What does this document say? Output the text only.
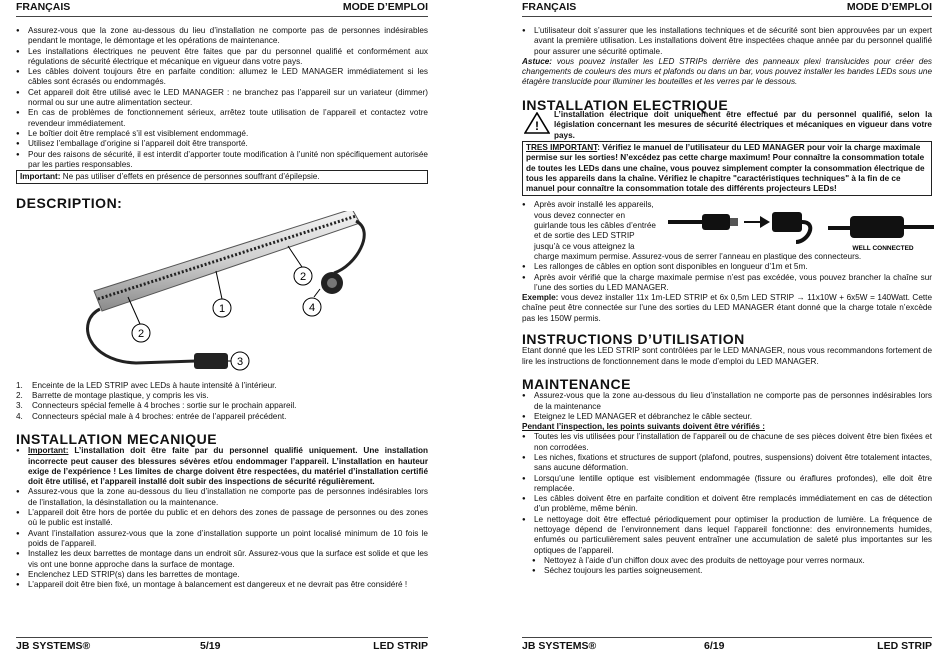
FRANÇAIS	MODE D’EMPLOI
● Assurez-vous que la zone au-dessous du lieu d’installation ne comporte pas de personnes indésirables pendant le montage, le démontage et les opérations de maintenance.
● Les installations électriques ne peuvent être faites que par du personnel qualifié et conformément aux régulations de sécurité électrique et mécanique en vigueur dans votre pays.
● Les câbles doivent toujours être en parfaite condition: allumez le LED MANAGER immédiatement si les câbles sont écrasés ou endommagés.
● Cet appareil doit être utilisé avec le LED MANAGER : ne branchez pas l’appareil sur un variateur (dimmer) normal ou sur une autre alimentation secteur.
● En cas de problèmes de fonctionnement sérieux, arrêtez toute utilisation de l’appareil et contactez votre revendeur immédiatement.
● Le boîtier doit être remplacé s’il est visiblement endommagé.
● Utilisez l’emballage d’origine si l’appareil doit être transporté.
● Pour des raisons de sécurité, il est interdit d’apporter toute modification à l’unité non spécifiquement autorisée par les parties responsables.
Important: Ne pas utiliser d’effets en présence de personnes souffrant d’épilepsie.
DESCRIPTION:
1
2
2
3
4
1. Enceinte de la LED STRIP avec LEDs à haute intensité à l’intérieur.
2. Barrette de montage plastique, y compris les vis.
3. Connecteurs spécial femelle à 4 broches : sortie sur le prochain appareil.
4. Connecteurs spécial male à 4 broches: entrée de l’appareil précédent.
INSTALLATION MECANIQUE
● Important: L’installation doit être faite par du personnel qualifié uniquement. Une installation incorrecte peut causer des blessures sévères et/ou endommager l’appareil. L’installation en hauteur exige de l’expérience ! Les limites de charge doivent être respectées, du matériel d’installation certifié doit être utilisé, et l’appareil installé doit subir des inspections de sécurité régulièrement.
● Assurez-vous que la zone au-dessous du lieu d’installation ne comporte pas de personnes indésirables lors de l’installation, la désinstallation ou la maintenance.
● L’appareil doit être hors de portée du public et en dehors des zones de passage de personnes ou des zones où le public est installé.
● Avant l’installation assurez-vous que la zone d’installation supporte un point localisé minimum de 10 fois le poids de l’appareil.
● Installez les deux barrettes de montage dans un endroit sûr. Assurez-vous que la surface est solide et que les vis ont une bonne approche dans la surface de montage.
● Enclenchez LED STRIP(s) dans les barrettes de montage.
● L’appareil doit être bien fixé, un montage à balancement est dangereux et ne devrait pas être considéré !
JB SYSTEMS®	5/19	LED STRIP
FRANÇAIS	MODE D’EMPLOI
● L’utilisateur doit s’assurer que les installations techniques et de sécurité sont bien approuvées par un expert avant la première utilisation. Les installations doivent être inspectées chaque année par du personnel qualifié pour assurer une sécurité optimale.

Astuce: vous pouvez installer les LED STRIPs derrière des panneaux plexi translucides pour créer des changements de couleurs des murs et plafonds ou dans un bar, vous pouvez installer les bandes LEDs sous une étagère translucide pour illuminer les bouteilles et les verres par le dessous.

INSTALLATION ELECTRIQUE
!

L’installation électrique doit uniquement être effectué par du personnel qualifié, selon la législation concernant les mesures de sécurité électriques et mécaniques en vigueur dans votre pays.

TRES IMPORTANT: Vérifiez le manuel de l’utilisateur du LED MANAGER pour voir la charge maximale permise sur les sorties! N’excédez pas cette charge maximum! Pour connaître la consommation totale de toutes les LEDs dans une chaîne, vous pouvez simplement compter la consommation électrique de tous les appareils dans la chaîne. Vérifiez le chapitre "caractéristiques techniques" à la fin de ce manuel pour connaître la consommation totale des différents projecteurs LEDs!
● Après avoir installé les appareils,
vous devez connecter en
guirlande tous les câbles d’entrée
et de sortie des LED STRIP
jusqu’à ce vous atteignez la	WELL CONNECTED

charge maximum permise. Assurez-vous de serrer l’anneau en plastique des connecteurs.

● Les rallonges de câbles en option sont disponibles en longueur d’1m et 5m.
● Après avoir vérifié que la charge maximale permise n’est pas excédée, vous pouvez brancher la chaîne sur l’une des sorties du LED MANAGER.

Exemple: vous devez installer 11x 1m-LED STRIP et 6x 0,5m LED STRIP → 11x10W + 6x5W = 140Watt. Cette chaîne peut être connectée sur l’une des sorties du LED MANAGER étant donné que la charge totale n’excède pas les 150W permis.

INSTRUCTIONS D’UTILISATION

Etant donné que les LED STRIP sont contrôlées par le LED MANAGER, nous vous recommandons fortement de lire les instructions de fonctionnement dans le mode d’emploi du LED MANAGER.

MAINTENANCE
● Assurez-vous que la zone au-dessous du lieu d’installation ne comporte pas de personnes indésirables lors de la maintenance
● Eteignez le LED MANAGER et débranchez le câble secteur.

Pendant l’inspection, les points suivants doivent être vérifiés :

● Toutes les vis utilisées pour l’installation de l’appareil ou de chacune de ses pièces doivent être bien fixées et non corrodées.
● Les niches, fixations et structures de support (plafond, poutres, suspensions) doivent être totalement intactes, sans aucune déformation.
● Lorsqu’une lentille optique est visiblement endommagée (fissure ou éraflures profondes), elle doit être remplacée.
● Les câbles doivent être en parfaite condition et doivent être remplacés immédiatement en cas de détection d’un problème, même bénin.
● Le nettoyage doit être effectué périodiquement pour optimiser la production de lumière. La fréquence de nettoyage dépend de l’environnement dans lequel l’appareil fonctionne: des environnements humides, enfumés ou particulièrement sales peuvent entraîner une accumulation de saleté plus importantes sur les optiques de l’appareil.
● Nettoyez à l’aide d’un chiffon doux avec des produits de nettoyage pour verres normaux.
● Séchez toujours les parties soigneusement.
JB SYSTEMS®	6/19	LED STRIP
